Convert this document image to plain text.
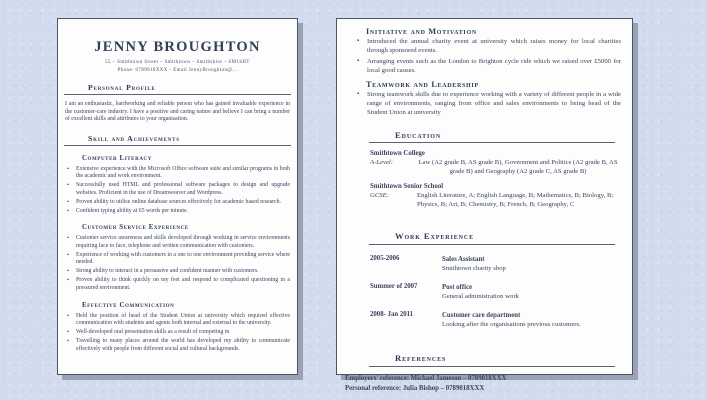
JENNY BROUGHTON
55 – Smithtown Street – Smithtown – Smithshire – SM1SHT
Phone: 0789618XXX - Email JennyBroughton@...
Personal Profile

I am an enthusiastic, hardworking and reliable person who has gained invaluable experience in the customer-care industry. I have a positive and caring nature and believe I can bring a number of excellent skills and attributes to your organisation.

Skill and Achievements
Computer Literacy
▪	Extensive experience with the Microsoft Office software suite and similar programs in both the academic and work environment.
▪	Successfully used HTML and professional software packages to design and upgrade websites. Proficient in the use of Dreamweaver and Wordpress.
▪	Proven ability to utilise online database sources effectively for academic based research.
▪	Confident typing ability at 65 words per minute.
Customer Service Experience
▪	Customer service awareness and skills developed through working in service environments requiring face to face, telephone and written communication with customers.
▪	Experience of working with customers in a one to one environment providing service where needed.
▪	Strong ability to interact in a persuasive and confident manner with customers.
▪	Proven ability to think quickly on my feet and respond to complicated questioning in a pressured environment.
Effective Communication
▪	Held the position of head of the Student Union at university which required effective communication with students and agents both internal and external to the university.
▪	Well-developed oral presentation skills as a result of competing in
▪	Travelling to many places around the world has developed my ability to communicate effectively with people from different social and cultural backgrounds.
Initiative and Motivation
▪	Introduced the annual charity event at university which raises money for local charities through sponsored events.
▪	Arranging events such as the London to Brighton cycle ride which we raised over £5000 for local good causes.
Teamwork and Leadership
▪	Strong teamwork skills due to experience working with a variety of different people in a wide range of environments, ranging from office and sales environments to being head of the Student Union at university
Education
Smithtown College
A-Level:	Law (A2 grade B, AS grade B), Government and Politics (A2 grade B, AS grade B) and Geography (A2 grade C, AS grade B)
Smithtown Senior School
GCSE:	English Literature, A; English Language, B; Mathematics, B; Biology, B; Physics, B; Art, B; Chemistry, B; French, B; Geography, C
Work Experience
2005-2006	Sales Assistant
Smithtown charity shop
Summer of 2007	Post office
General administration work
2008- Jan 2011	Customer care department
Looking after the organisations previous customers.
References
Employers' reference: Michael Jameson – 0789018XXX
Personal reference: Julia Bishop – 0789018XXX
